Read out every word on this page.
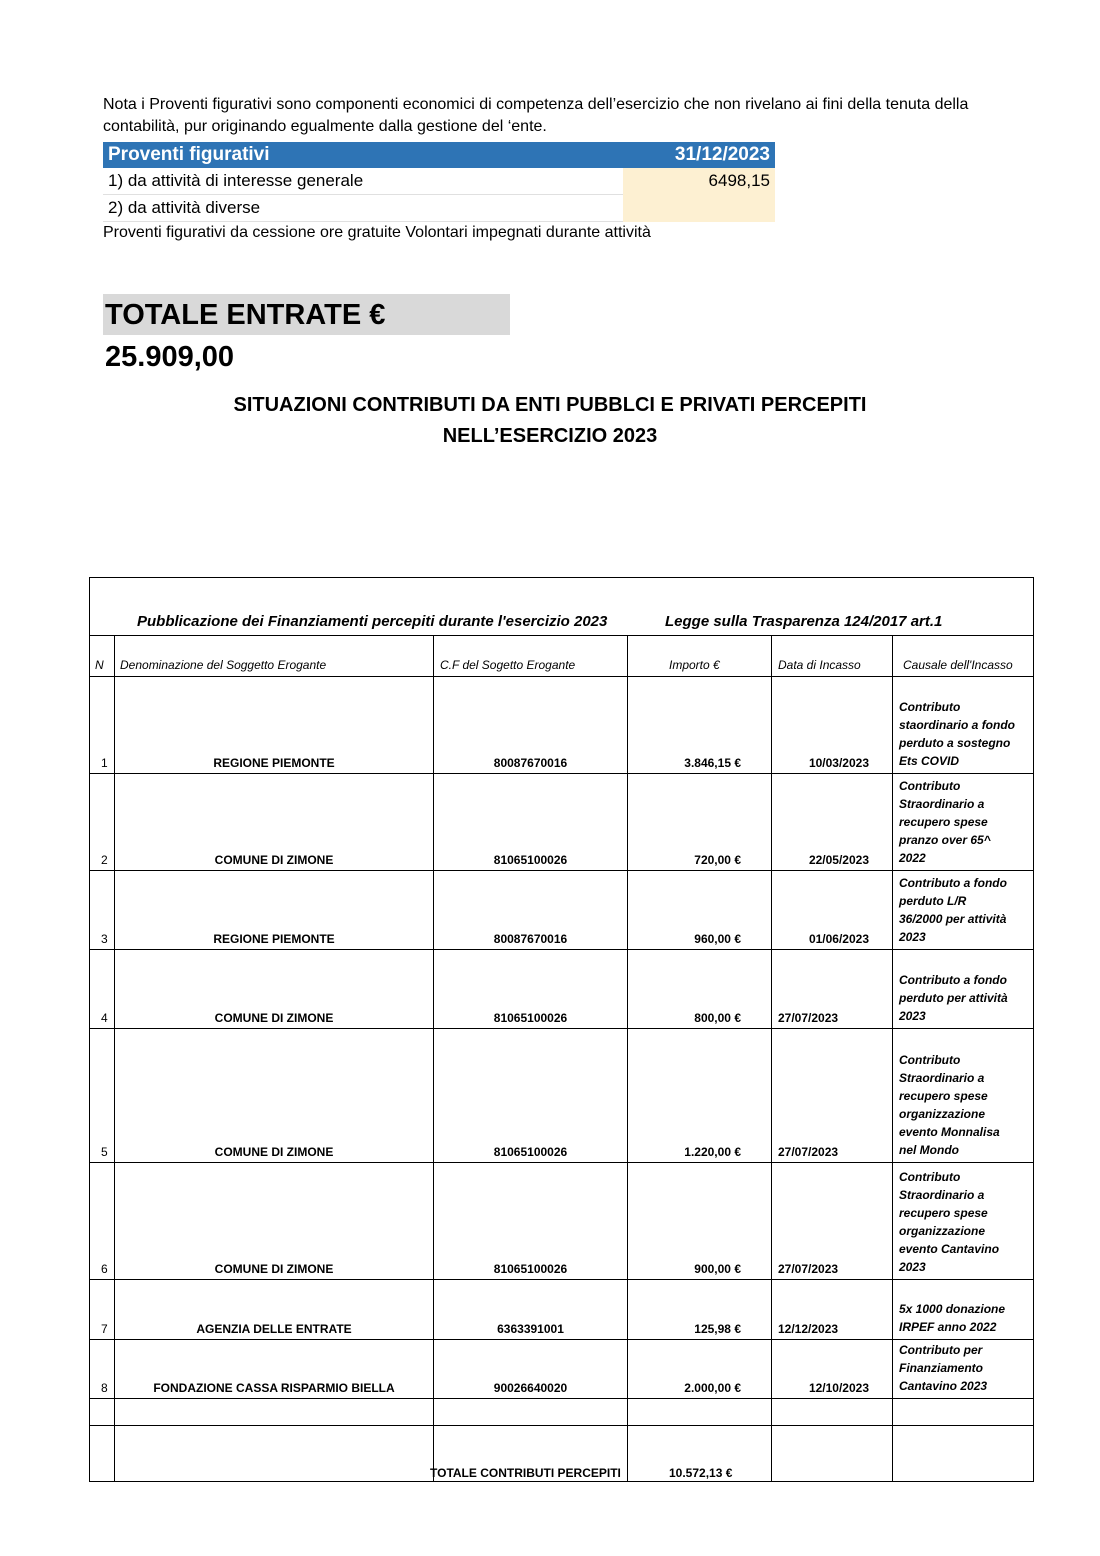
Nota i Proventi figurativi sono componenti economici di competenza dell’esercizio che non rivelano ai fini della tenuta della contabilità, pur originando egualmente dalla gestione del ‘ente.
Proventi figurativi	31/12/2023
1) da attività di interesse generale	6498,15
2) da attività diverse	
Proventi figurativi da cessione ore gratuite Volontari impegnati durante attività
TOTALE ENTRATE € 25.909,00
SITUAZIONI CONTRIBUTI DA ENTI PUBBLCI E PRIVATI PERCEPITI
NELL’ESERCIZIO 2023
Pubblicazione dei Finanziamenti percepiti durante l'esercizio 2023	Legge sulla Trasparenza 124/2017 art.1
N Denominazione del Soggetto Erogante	C.F del Sogetto Erogante	Importo €	Data di Incasso	Causale dell'Incasso
1	REGIONE PIEMONTE	80087670016	3.846,15 €	10/03/2023
Contributo
staordinario a fondo
perduto a sostegno
Ets COVID
2	COMUNE DI ZIMONE	81065100026	720,00 €	22/05/2023
Contributo
Straordinario a
recupero spese
pranzo over 65^
2022
3	REGIONE PIEMONTE	80087670016	960,00 €	01/06/2023
Contributo a fondo
perduto L/R
36/2000 per attività
2023
4	COMUNE DI ZIMONE	81065100026	800,00 €	27/07/2023
Contributo a fondo
perduto per attività
2023
5	COMUNE DI ZIMONE	81065100026	1.220,00 €	27/07/2023
Contributo
Straordinario a
recupero spese
organizzazione
evento Monnalisa
nel Mondo
6	COMUNE DI ZIMONE	81065100026	900,00 €	27/07/2023
Contributo
Straordinario a
recupero spese
organizzazione
evento Cantavino
2023
7	AGENZIA DELLE ENTRATE	6363391001	125,98 €	12/12/2023
5x 1000 donazione
IRPEF anno 2022
8	FONDAZIONE CASSA RISPARMIO BIELLA	90026640020	2.000,00 €	12/10/2023
Contributo per
Finanziamento
Cantavino 2023
TOTALE CONTRIBUTI PERCEPITI	10.572,13 €
